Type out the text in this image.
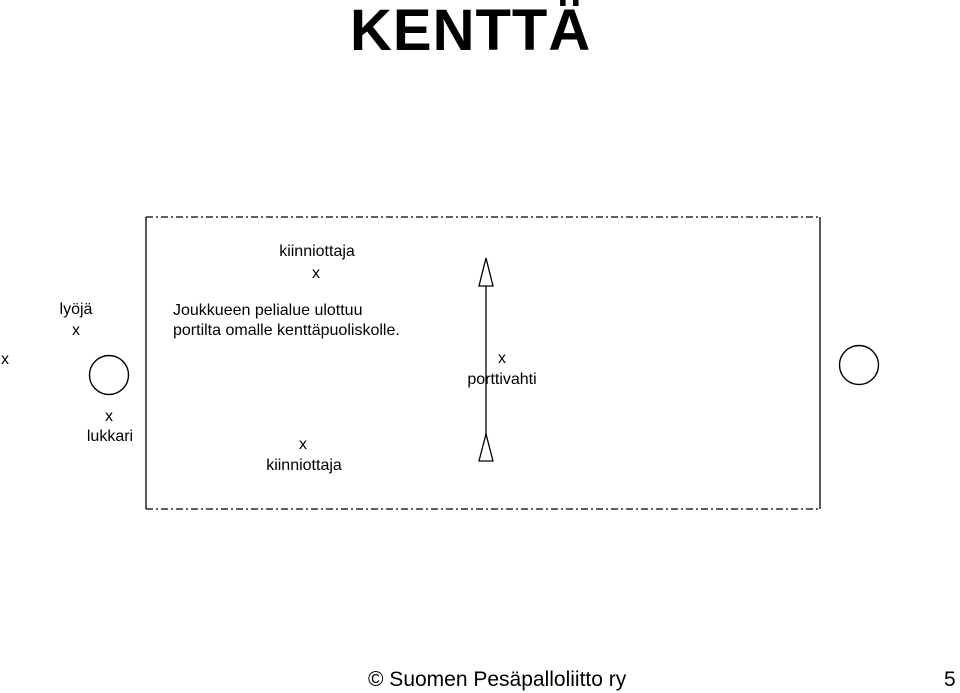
KENTTÄ
kiinniottaja
x
lyöjä
x
x
Joukkueen pelialue ulottuu
portilta omalle kenttäpuoliskolle.
x
porttivahti
x
lukkari	x
kiinniottaja
© Suomen Pesäpalloliitto ry	5
